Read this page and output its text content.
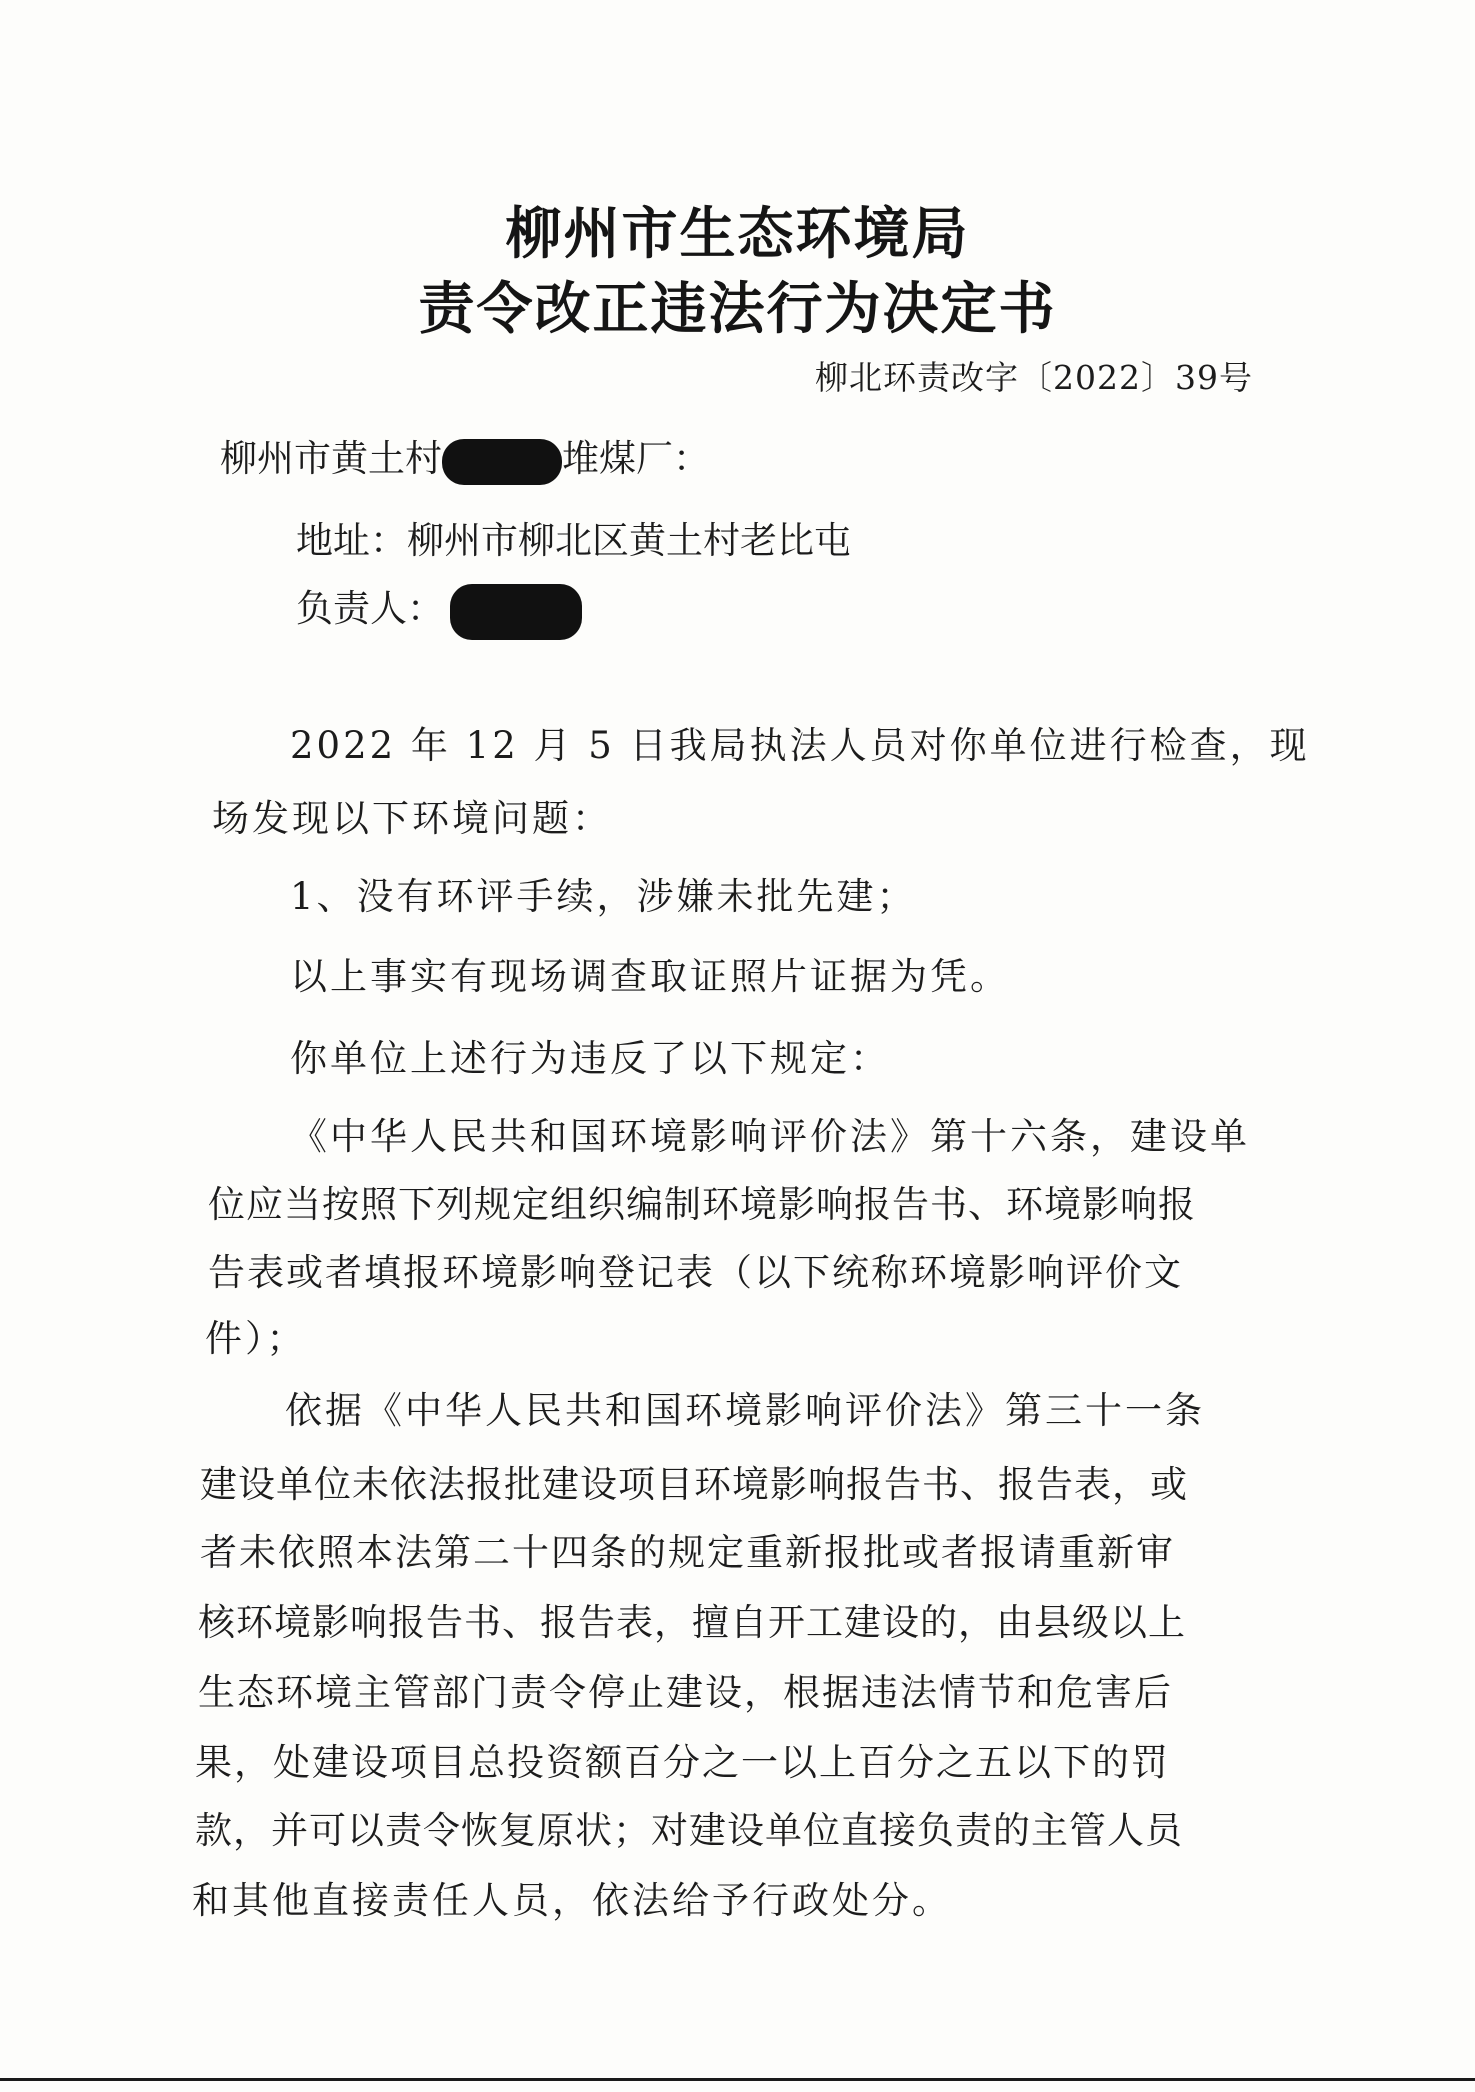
柳州市生态环境局
责令改正违法行为决定书
柳北环责改字〔2022〕39号
柳州市黄土村	堆煤厂：
地址：柳州市柳北区黄土村老比屯
负责人：
2022 年 12 月 5 日我局执法人员对你单位进行检查，现
场发现以下环境问题：
1、没有环评手续，涉嫌未批先建；
以上事实有现场调查取证照片证据为凭。
你单位上述行为违反了以下规定：
《中华人民共和国环境影响评价法》第十六条，建设单
位应当按照下列规定组织编制环境影响报告书、环境影响报
告表或者填报环境影响登记表（以下统称环境影响评价文
件）；
依据《中华人民共和国环境影响评价法》第三十一条
建设单位未依法报批建设项目环境影响报告书、报告表，或
者未依照本法第二十四条的规定重新报批或者报请重新审
核环境影响报告书、报告表，擅自开工建设的，由县级以上
生态环境主管部门责令停止建设，根据违法情节和危害后
果，处建设项目总投资额百分之一以上百分之五以下的罚
款，并可以责令恢复原状；对建设单位直接负责的主管人员
和其他直接责任人员，依法给予行政处分。
